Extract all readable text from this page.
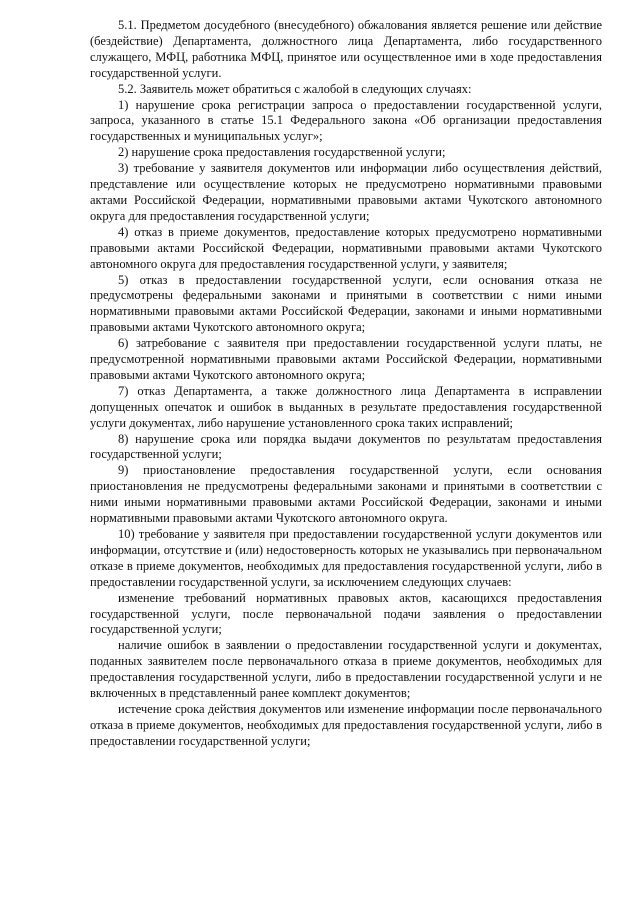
5.1. Предметом досудебного (внесудебного) обжалования является решение или действие (бездействие) Департамента, должностного лица Департамента, либо государственного служащего, МФЦ, работника МФЦ, принятое или осуществленное ими в ходе предоставления государственной услуги.

5.2. Заявитель может обратиться с жалобой в следующих случаях:

1) нарушение срока регистрации запроса о предоставлении государственной услуги, запроса, указанного в статье 15.1 Федерального закона «Об организации предоставления государственных и муниципальных услуг»;

2) нарушение срока предоставления государственной услуги;

3) требование у заявителя документов или информации либо осуществления действий, представление или осуществление которых не предусмотрено нормативными правовыми актами Российской Федерации, нормативными правовыми актами Чукотского автономного округа для предоставления государственной услуги;

4) отказ в приеме документов, предоставление которых предусмотрено нормативными правовыми актами Российской Федерации, нормативными правовыми актами Чукотского автономного округа для предоставления государственной услуги, у заявителя;

5) отказ в предоставлении государственной услуги, если основания отказа не предусмотрены федеральными законами и принятыми в соответствии с ними иными нормативными правовыми актами Российской Федерации, законами и иными нормативными правовыми актами Чукотского автономного округа;

6) затребование с заявителя при предоставлении государственной услуги платы, не предусмотренной нормативными правовыми актами Российской Федерации, нормативными правовыми актами Чукотского автономного округа;

7) отказ Департамента, а также должностного лица Департамента в исправлении допущенных опечаток и ошибок в выданных в результате предоставления государственной услуги документах, либо нарушение установленного срока таких исправлений;

8) нарушение срока или порядка выдачи документов по результатам предоставления государственной услуги;

9) приостановление предоставления государственной услуги, если основания приостановления не предусмотрены федеральными законами и принятыми в соответствии с ними иными нормативными правовыми актами Российской Федерации, законами и иными нормативными правовыми актами Чукотского автономного округа.

10) требование у заявителя при предоставлении государственной услуги документов или информации, отсутствие и (или) недостоверность которых не указывались при первоначальном отказе в приеме документов, необходимых для предоставления государственной услуги, либо в предоставлении государственной услуги, за исключением следующих случаев:

изменение требований нормативных правовых актов, касающихся предоставления государственной услуги, после первоначальной подачи заявления о предоставлении государственной услуги;

наличие ошибок в заявлении о предоставлении государственной услуги и документах, поданных заявителем после первоначального отказа в приеме документов, необходимых для предоставления государственной услуги, либо в предоставлении государственной услуги и не включенных в представленный ранее комплект документов;

истечение срока действия документов или изменение информации после первоначального отказа в приеме документов, необходимых для предоставления государственной услуги, либо в предоставлении государственной услуги;
